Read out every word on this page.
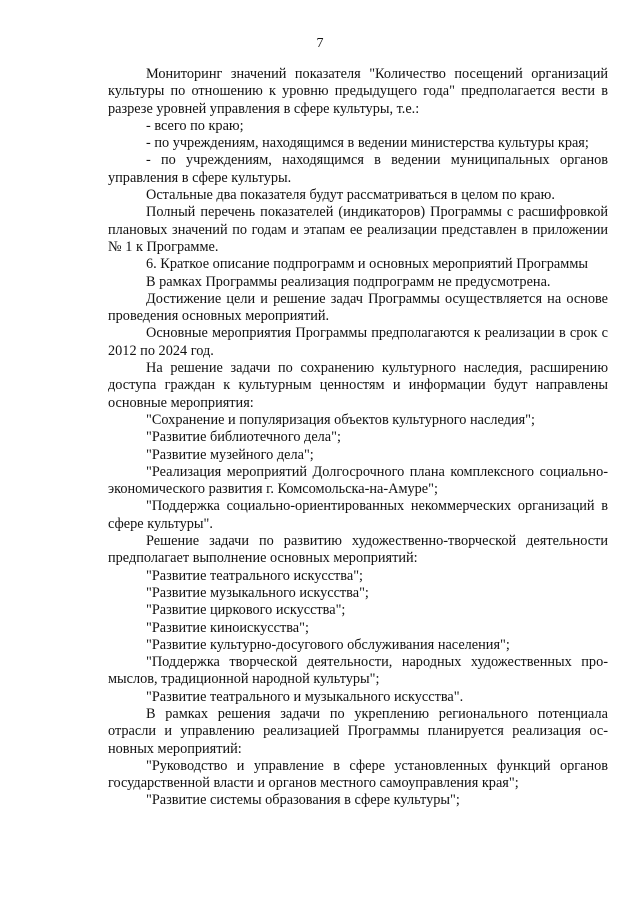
7

Мониторинг значений показателя "Количество посещений организаций культуры по отношению к уровню предыдущего года" предполагается вести в разрезе уровней управления в сфере культуры, т.е.:

- всего по краю;

- по учреждениям, находящимся в ведении министерства культуры края;

- по учреждениям, находящимся в ведении муниципальных органов управления в сфере культуры.

Остальные два показателя будут рассматриваться в целом по краю.

Полный перечень показателей (индикаторов) Программы с расшифровкой плановых значений по годам и этапам ее реализации представлен в приложении № 1 к Программе.

6. Краткое описание подпрограмм и основных мероприятий Программы

В рамках Программы реализация подпрограмм не предусмотрена.

Достижение цели и решение задач Программы осуществляется на основе проведения основных мероприятий.

Основные мероприятия Программы предполагаются к реализации в срок с 2012 по 2024 год.

На решение задачи по сохранению культурного наследия, расширению доступа граждан к культурным ценностям и информации будут направлены основные мероприятия:

"Сохранение и популяризация объектов культурного наследия";

"Развитие библиотечного дела";

"Развитие музейного дела";

"Реализация мероприятий Долгосрочного плана комплексного социально-экономического развития г. Комсомольска-на-Амуре";

"Поддержка социально-ориентированных некоммерческих организаций в сфере культуры".

Решение задачи по развитию художественно-творческой деятельности предполагает выполнение основных мероприятий:

"Развитие театрального искусства";

"Развитие музыкального искусства";

"Развитие циркового искусства";

"Развитие киноискусства";

"Развитие культурно-досугового обслуживания населения";

"Поддержка творческой деятельности, народных художественных промыслов, традиционной народной культуры";

"Развитие театрального и музыкального искусства".

В рамках решения задачи по укреплению регионального потенциала отрасли и управлению реализацией Программы планируется реализация основных мероприятий:

"Руководство и управление в сфере установленных функций органов государственной власти и органов местного самоуправления края";

"Развитие системы образования в сфере культуры";
